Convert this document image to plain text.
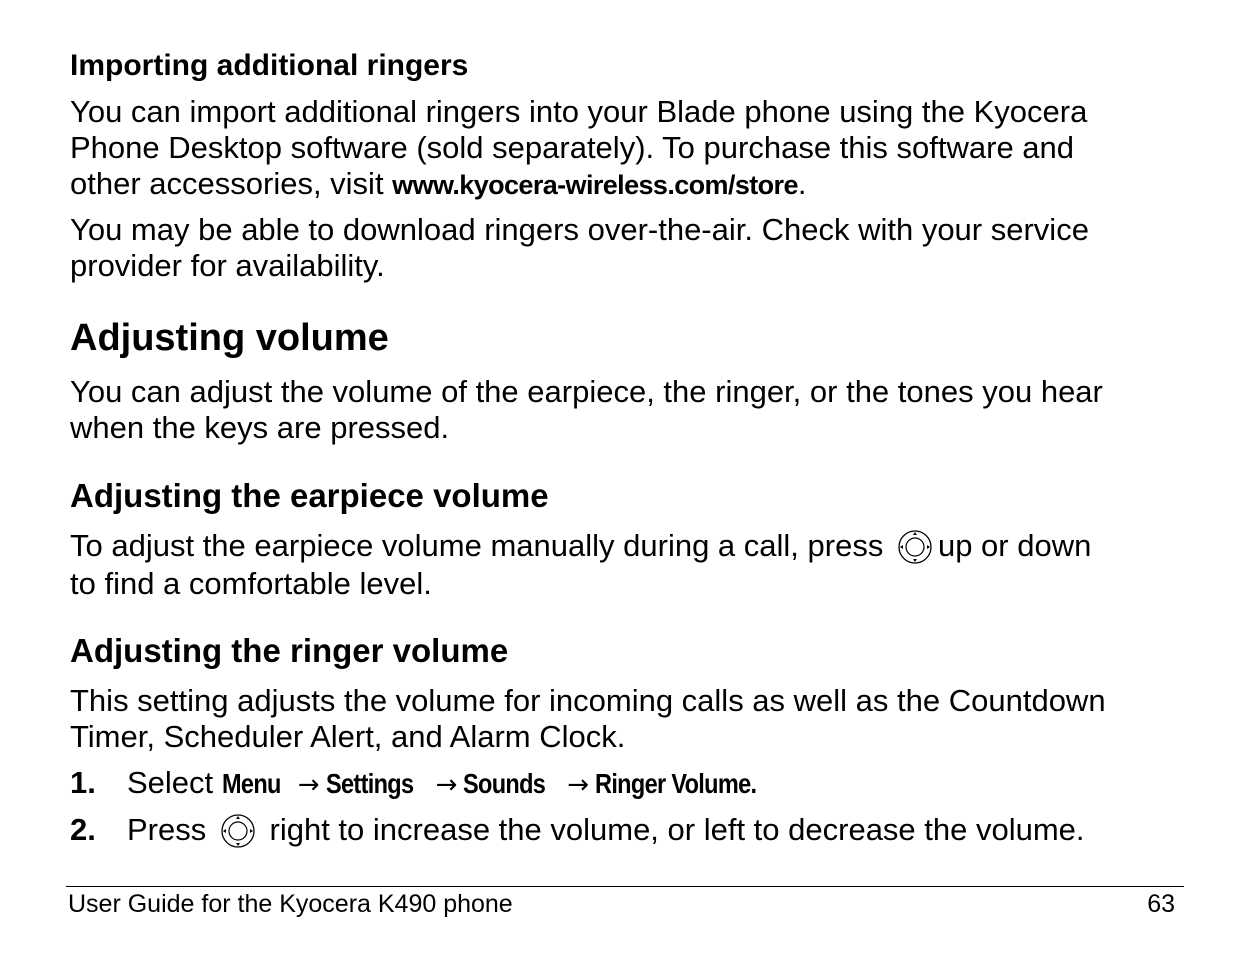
Importing additional ringers

You can import additional ringers into your Blade phone using the Kyocera
Phone Desktop software (sold separately). To purchase this software and
other accessories, visit www.kyocera-wireless.com/store.

You may be able to download ringers over-the-air. Check with your service
provider for availability.

Adjusting volume

You can adjust the volume of the earpiece, the ringer, or the tones you hear
when the keys are pressed.

Adjusting the earpiece volume

To adjust the earpiece volume manually during a call, press up or down
to find a comfortable level.

Adjusting the ringer volume

This setting adjusts the volume for incoming calls as well as the Countdown
Timer, Scheduler Alert, and Alarm Clock.

1. Select Menu → Settings → Sounds → Ringer Volume.
2. Press right to increase the volume, or left to decrease the volume.
User Guide for the Kyocera K490 phone	63
